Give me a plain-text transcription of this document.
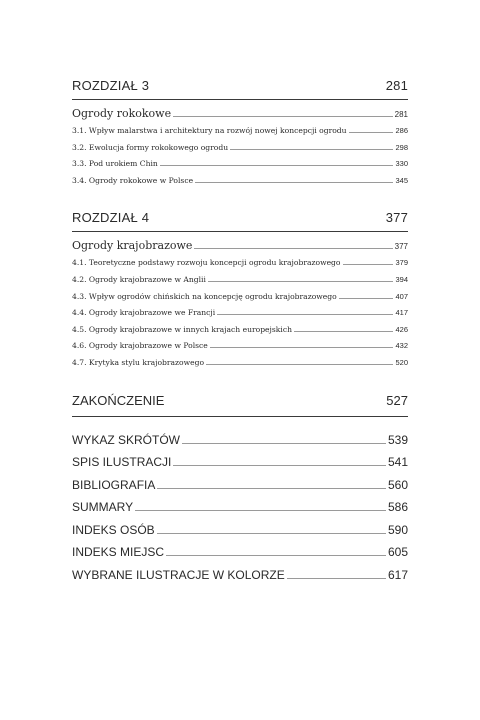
ROZDZIAŁ 3	281
Ogrody rokokowe	281
3.1. Wpływ malarstwa i architektury na rozwój nowej koncepcji ogrodu	286
3.2. Ewolucja formy rokokowego ogrodu	298
3.3. Pod urokiem Chin	330
3.4. Ogrody rokokowe w Polsce	345
ROZDZIAŁ 4	377
Ogrody krajobrazowe	377
4.1. Teoretyczne podstawy rozwoju koncepcji ogrodu krajobrazowego	379
4.2. Ogrody krajobrazowe w Anglii	394
4.3. Wpływ ogrodów chińskich na koncepcję ogrodu krajobrazowego	407
4.4. Ogrody krajobrazowe we Francji	417
4.5. Ogrody krajobrazowe w innych krajach europejskich	426
4.6. Ogrody krajobrazowe w Polsce	432
4.7. Krytyka stylu krajobrazowego	520
ZAKOŃCZENIE	527
WYKAZ SKRÓTÓW	539
SPIS ILUSTRACJI	541
BIBLIOGRAFIA	560
SUMMARY	586
INDEKS OSÓB	590
INDEKS MIEJSC	605
WYBRANE ILUSTRACJE W KOLORZE	617
